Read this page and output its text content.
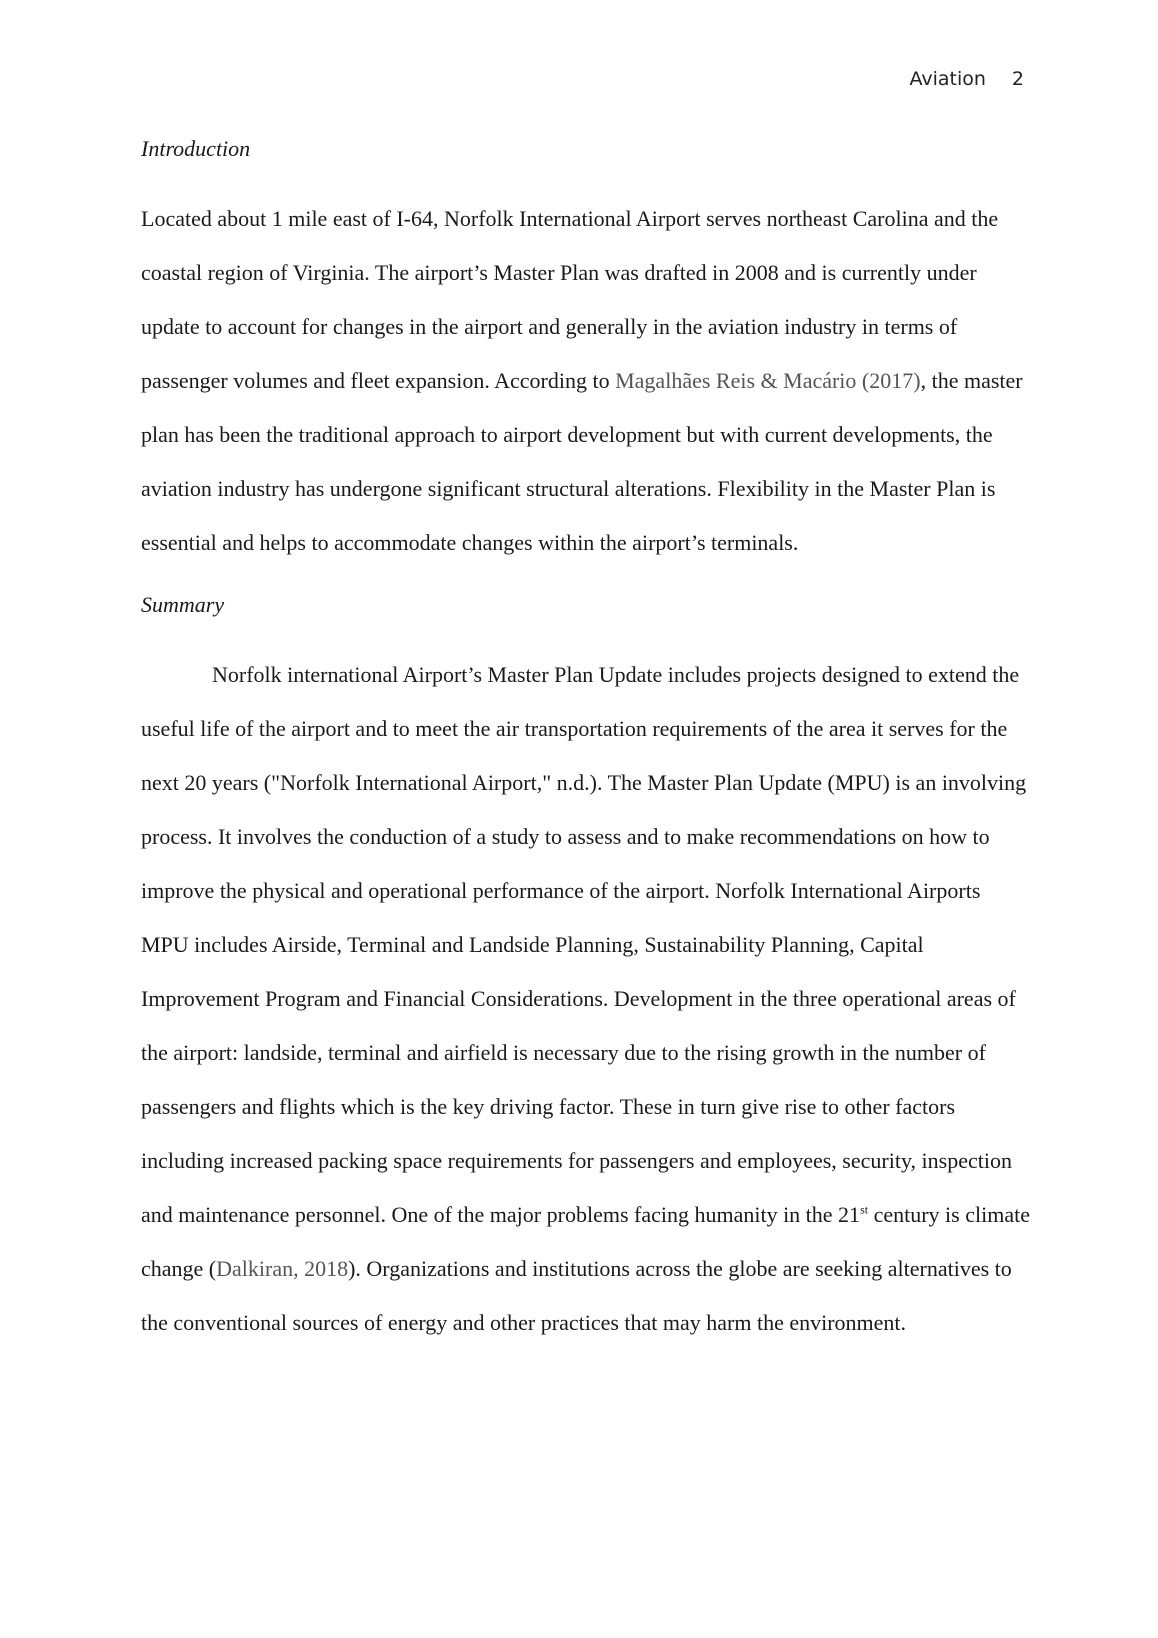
Aviation 2

Introduction

Located about 1 mile east of I-64, Norfolk International Airport serves northeast Carolina and the coastal region of Virginia. The airport’s Master Plan was drafted in 2008 and is currently under update to account for changes in the airport and generally in the aviation industry in terms of passenger volumes and fleet expansion. According to Magalhães Reis & Macário (2017), the master plan has been the traditional approach to airport development but with current developments, the aviation industry has undergone significant structural alterations. Flexibility in the Master Plan is essential and helps to accommodate changes within the airport’s terminals.

Summary

Norfolk international Airport’s Master Plan Update includes projects designed to extend the useful life of the airport and to meet the air transportation requirements of the area it serves for the next 20 years ("Norfolk International Airport," n.d.). The Master Plan Update (MPU) is an involving process. It involves the conduction of a study to assess and to make recommendations on how to improve the physical and operational performance of the airport. Norfolk International Airports MPU includes Airside, Terminal and Landside Planning, Sustainability Planning, Capital Improvement Program and Financial Considerations. Development in the three operational areas of the airport: landside, terminal and airfield is necessary due to the rising growth in the number of passengers and flights which is the key driving factor. These in turn give rise to other factors including increased packing space requirements for passengers and employees, security, inspection and maintenance personnel. One of the major problems facing humanity in the 21st century is climate change (Dalkiran, 2018). Organizations and institutions across the globe are seeking alternatives to the conventional sources of energy and other practices that may harm the environment.
